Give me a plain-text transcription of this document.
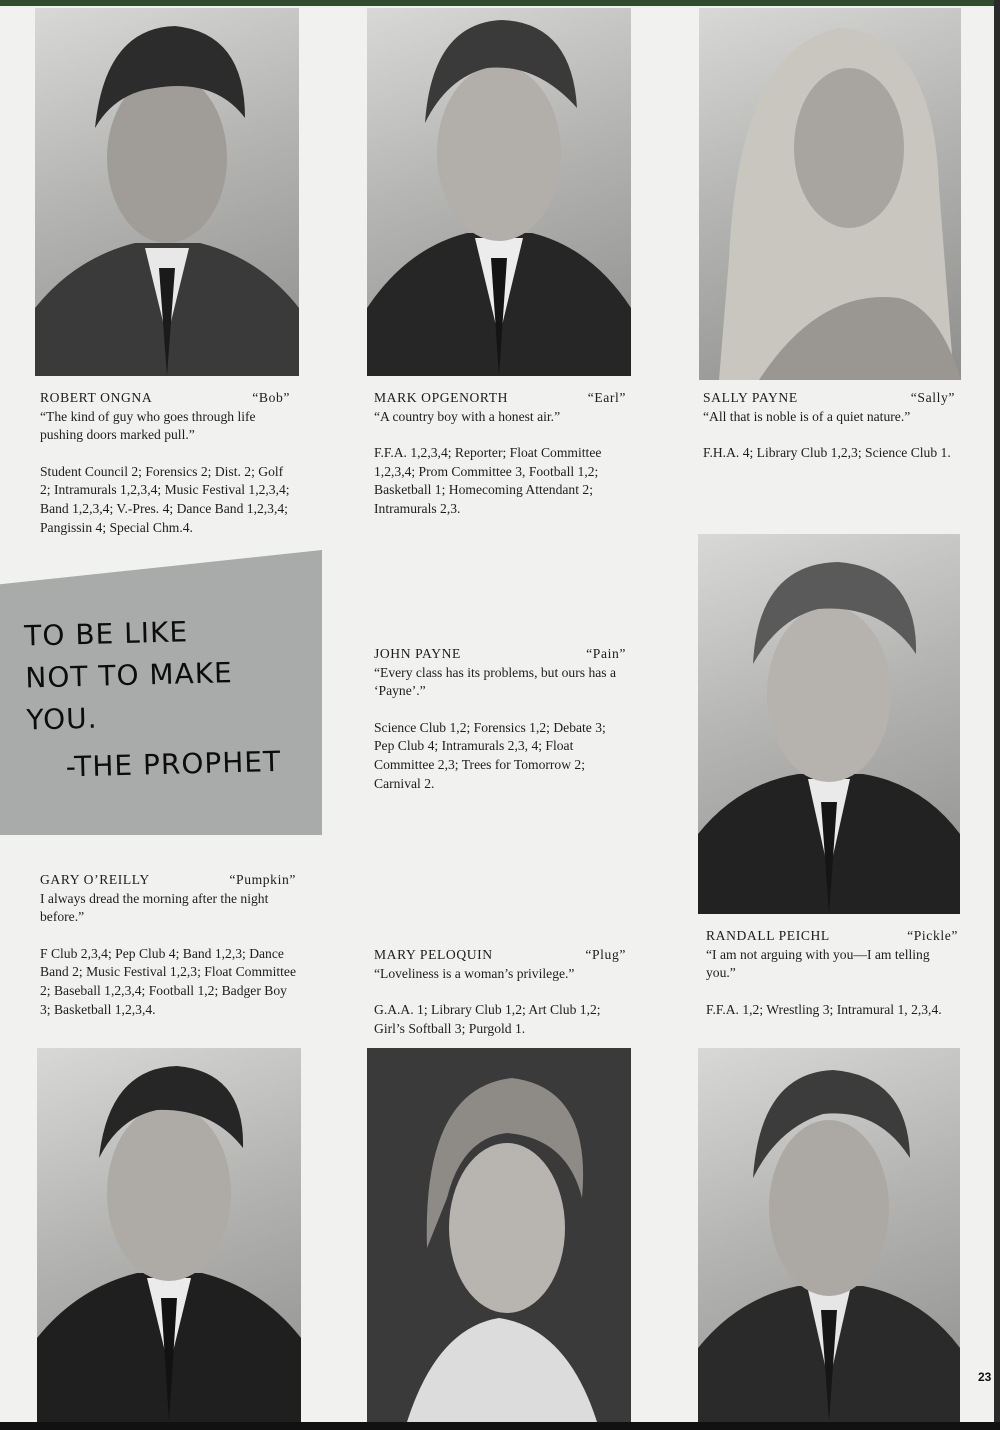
ROBERT ONGNA	“Bob”

“The kind of guy who goes through life pushing doors marked pull.”

Student Council 2; Forensics 2; Dist. 2; Golf 2; Intramurals 1,2,3,4; Music Festival 1,2,3,4; Band 1,2,3,4; V.-Pres. 4; Dance Band 1,2,3,4; Pangissin 4; Special Chm.4.
MARK OPGENORTH	“Earl”

“A country boy with a honest air.”

F.F.A. 1,2,3,4; Reporter; Float Committee 1,2,3,4; Prom Committee 3, Football 1,2; Basketball 1; Homecoming Attendant 2; Intramurals 2,3.
SALLY PAYNE	“Sally”

“All that is noble is of a quiet nature.”

F.H.A. 4; Library Club 1,2,3; Science Club 1.
JOHN PAYNE	“Pain”

“Every class has its problems, but ours has a ‘Payne’.”

Science Club 1,2; Forensics 1,2; Debate 3; Pep Club 4; Intramurals 2,3, 4; Float Committee 2,3; Trees for Tomorrow 2; Carnival 2.
GARY O’REILLY	“Pumpkin”

I always dread the morning after the night before.”

F Club 2,3,4; Pep Club 4; Band 1,2,3; Dance Band 2; Music Festival 1,2,3; Float Committee 2; Baseball 1,2,3,4; Football 1,2; Badger Boy 3; Basketball 1,2,3,4.
MARY PELOQUIN	“Plug”

“Loveliness is a woman’s privilege.”

G.A.A. 1; Library Club 1,2; Art Club 1,2; Girl’s Softball 3; Purgold 1.
RANDALL PEICHL	“Pickle”

“I am not arguing with you—I am telling you.”

F.F.A. 1,2; Wrestling 3; Intramural 1, 2,3,4.
TO BE LIKE
NOT TO MAKE
YOU.
-THE PROPHET
23
